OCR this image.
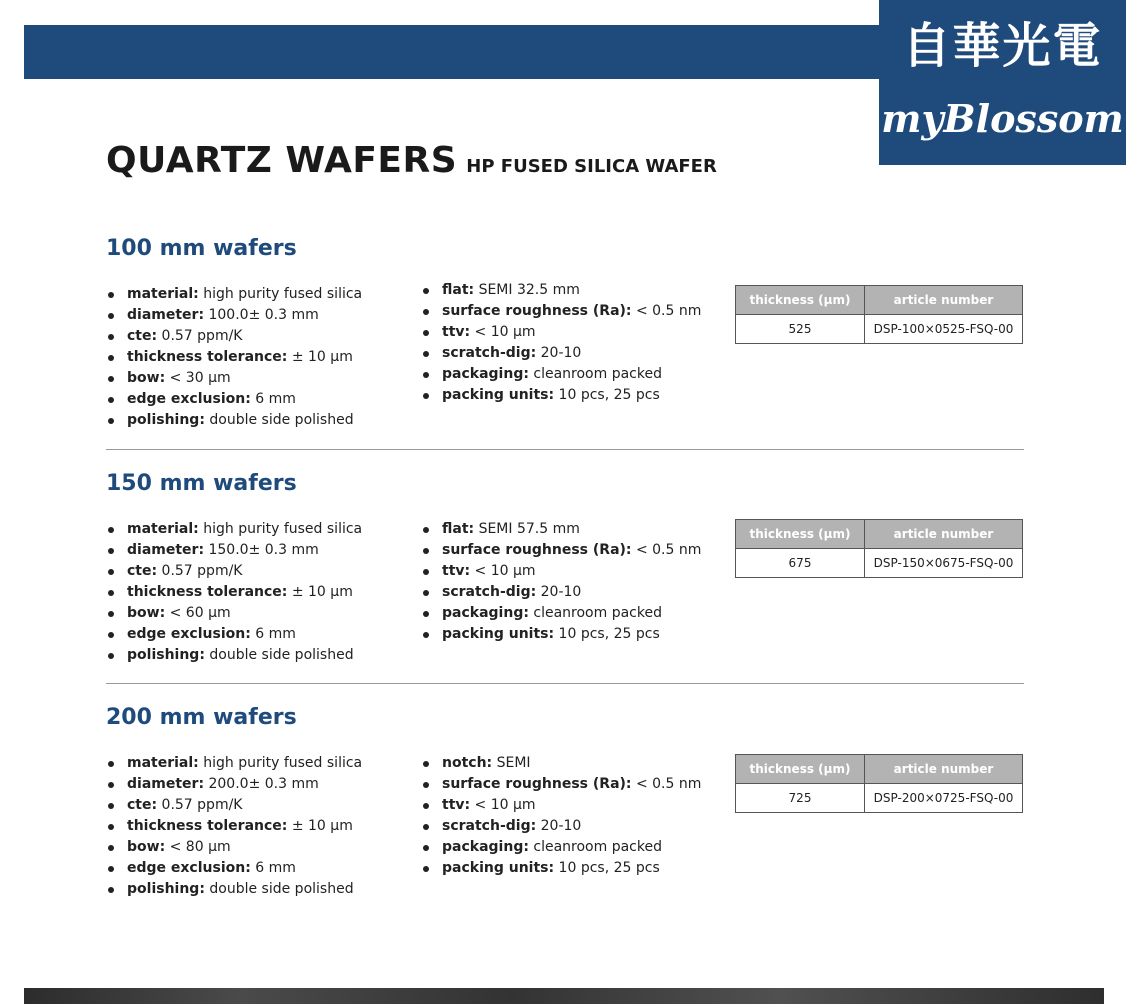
自華光電
myBlossom
QUARTZ WAFERS HP FUSED SILICA WAFER
100 mm wafers
material: high purity fused silica
diameter: 100.0± 0.3 mm
cte: 0.57 ppm/K
thickness tolerance: ± 10 µm
bow: < 30 µm
edge exclusion: 6 mm
polishing: double side polished
flat: SEMI 32.5 mm
surface roughness (Ra): < 0.5 nm
ttv: < 10 µm
scratch-dig: 20-10
packaging: cleanroom packed
packing units: 10 pcs, 25 pcs
thickness (µm)	article number
525	DSP-100×0525-FSQ-00
150 mm wafers
material: high purity fused silica
diameter: 150.0± 0.3 mm
cte: 0.57 ppm/K
thickness tolerance: ± 10 µm
bow: < 60 µm
edge exclusion: 6 mm
polishing: double side polished
flat: SEMI 57.5 mm
surface roughness (Ra): < 0.5 nm
ttv: < 10 µm
scratch-dig: 20-10
packaging: cleanroom packed
packing units: 10 pcs, 25 pcs
thickness (µm)	article number
675	DSP-150×0675-FSQ-00
200 mm wafers
material: high purity fused silica
diameter: 200.0± 0.3 mm
cte: 0.57 ppm/K
thickness tolerance: ± 10 µm
bow: < 80 µm
edge exclusion: 6 mm
polishing: double side polished
notch: SEMI
surface roughness (Ra): < 0.5 nm
ttv: < 10 µm
scratch-dig: 20-10
packaging: cleanroom packed
packing units: 10 pcs, 25 pcs
thickness (µm)	article number
725	DSP-200×0725-FSQ-00
